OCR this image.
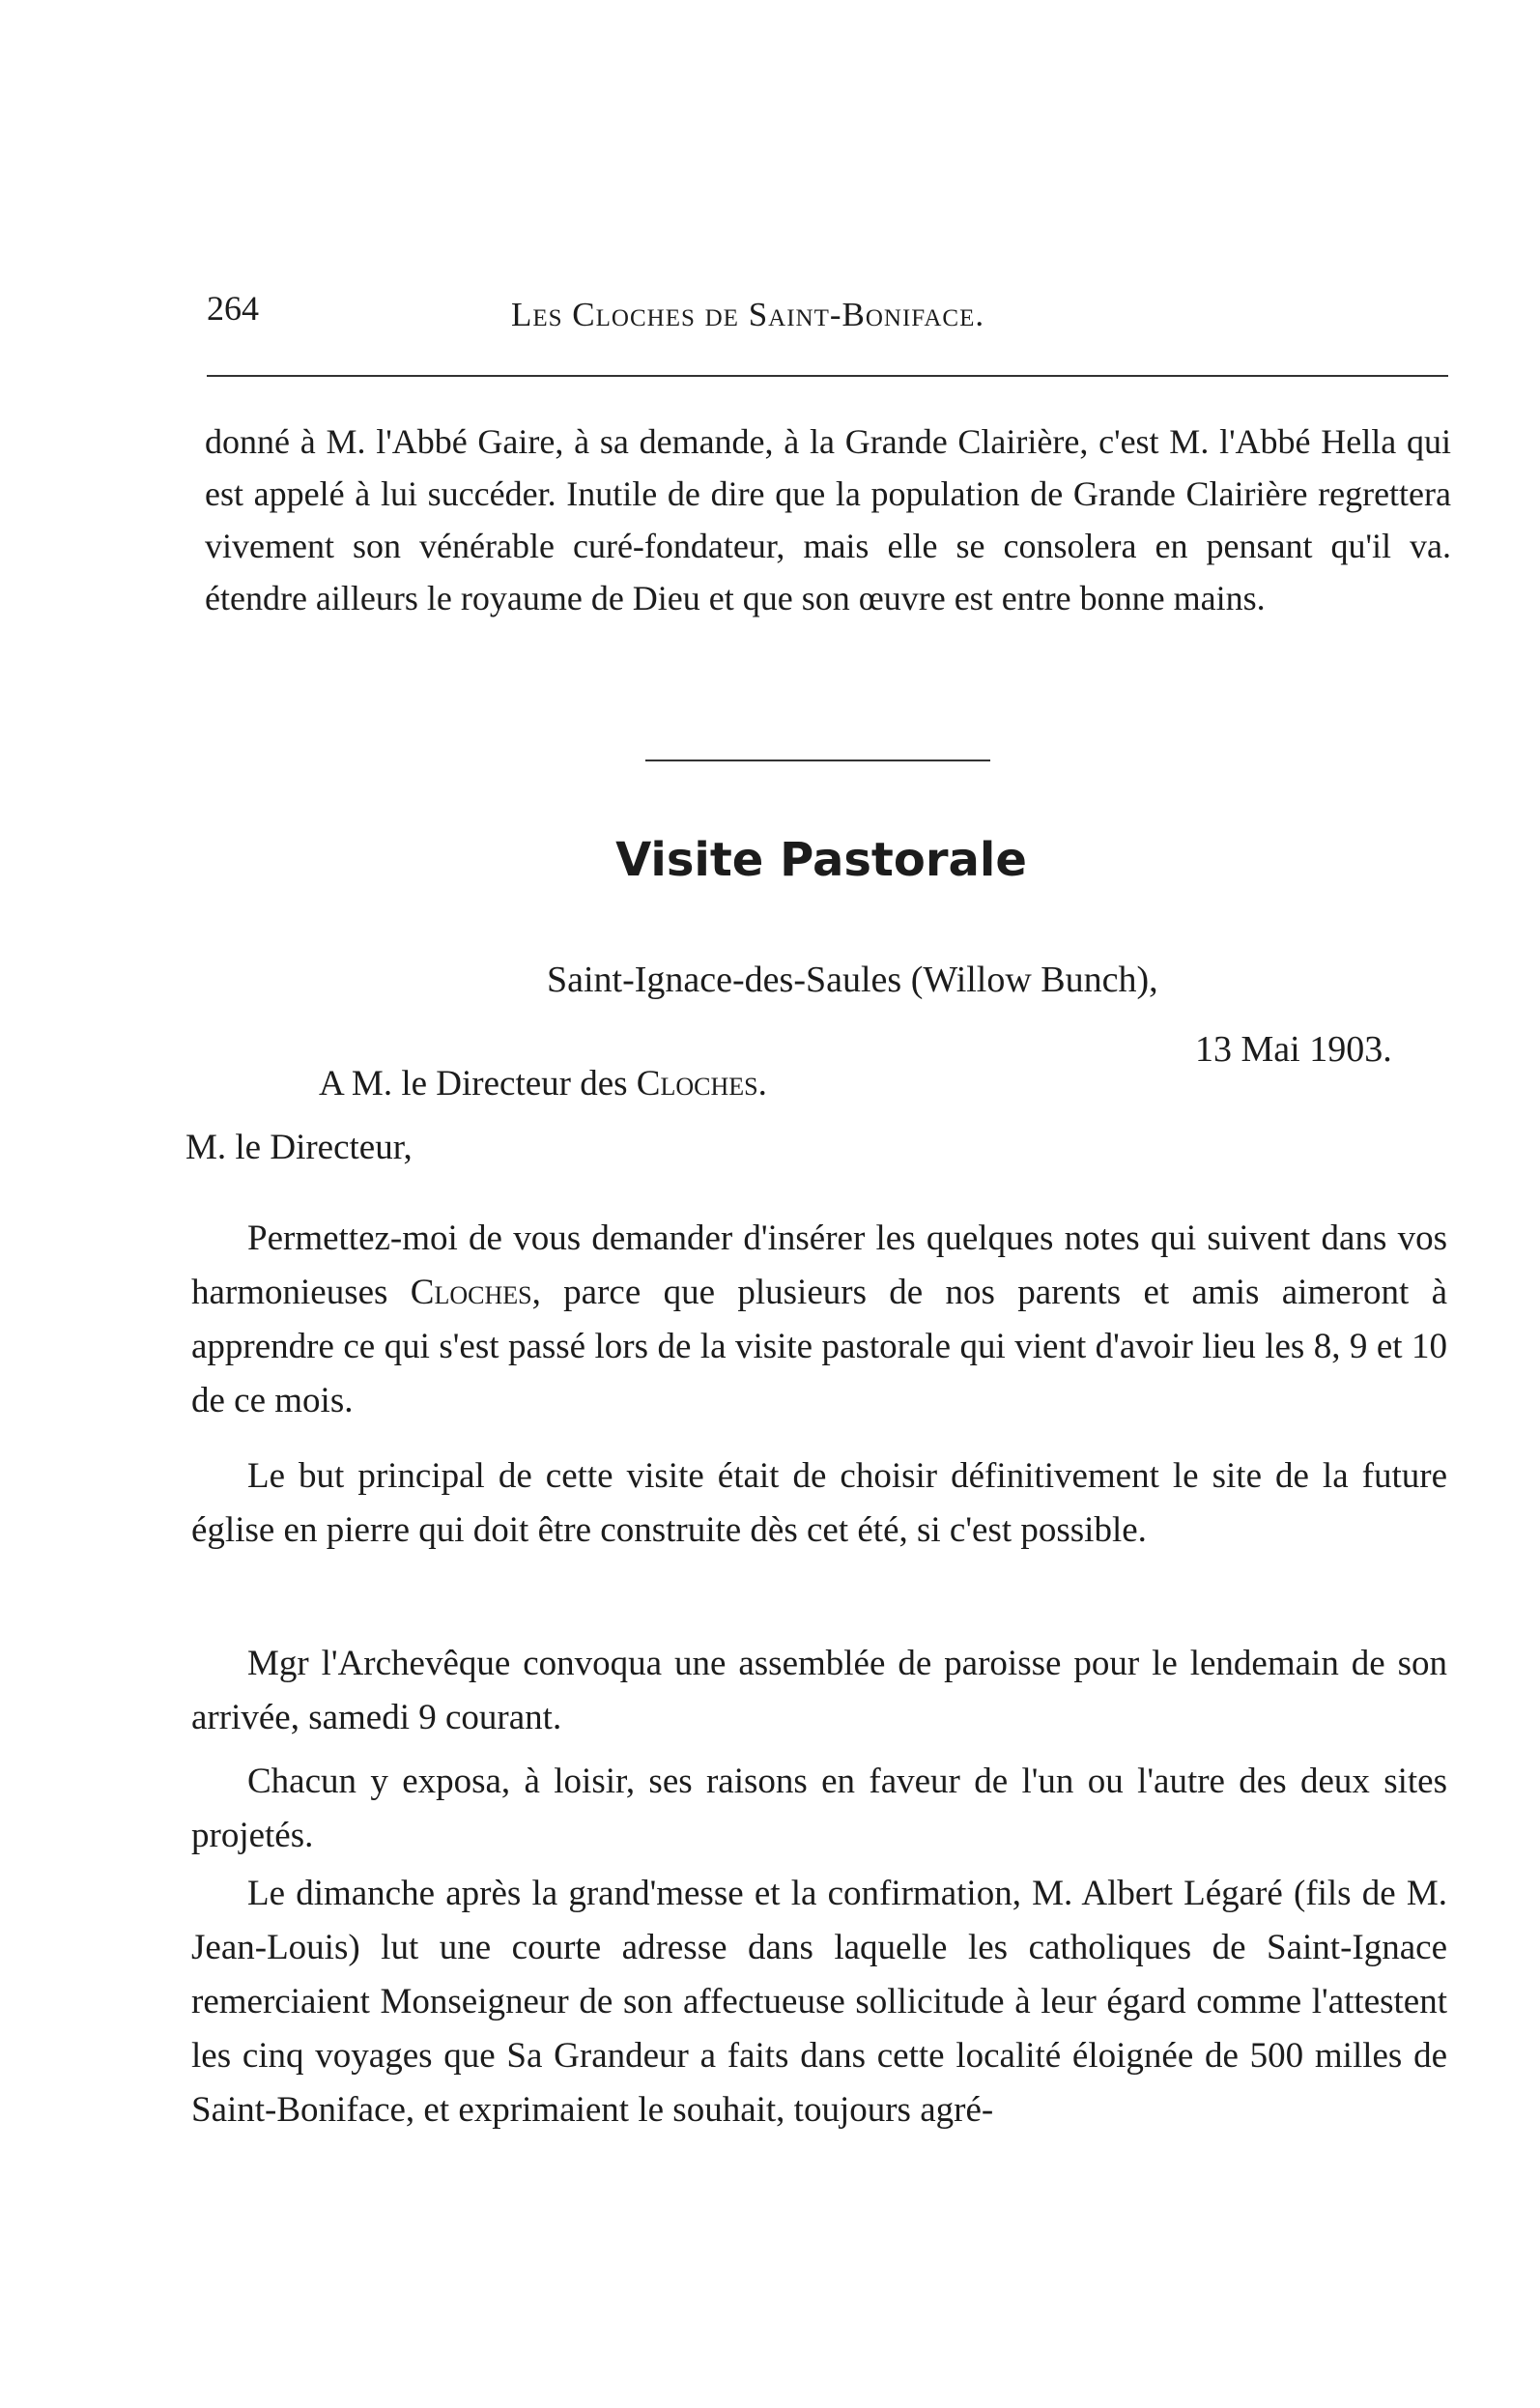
264	Les Cloches de Saint-Boniface.

donné à M. l'Abbé Gaire, à sa demande, à la Grande Clairière, c'est M. l'Abbé Hella qui est appelé à lui succéder. Inutile de dire que la population de Grande Clairière regrettera vivement son vénérable curé-fondateur, mais elle se consolera en pensant qu'il va. étendre ailleurs le royaume de Dieu et que son œuvre est entre bonne mains.

Visite Pastorale
Saint-Ignace-des-Saules (Willow Bunch),
13 Mai 1903.
A M. le Directeur des Cloches.
M. le Directeur,

Permettez-moi de vous demander d'insérer les quelques notes qui suivent dans vos harmonieuses Cloches, parce que plusieurs de nos parents et amis aimeront à apprendre ce qui s'est passé lors de la visite pastorale qui vient d'avoir lieu les 8, 9 et 10 de ce mois.

Le but principal de cette visite était de choisir définitivement le site de la future église en pierre qui doit être construite dès cet été, si c'est possible.

Mgr l'Archevêque convoqua une assemblée de paroisse pour le lendemain de son arrivée, samedi 9 courant.

Chacun y exposa, à loisir, ses raisons en faveur de l'un ou l'autre des deux sites projetés.

Le dimanche après la grand'messe et la confirmation, M. Albert Légaré (fils de M. Jean-Louis) lut une courte adresse dans laquelle les catholiques de Saint-Ignace remerciaient Monseigneur de son affectueuse sollicitude à leur égard comme l'attestent les cinq voyages que Sa Grandeur a faits dans cette localité éloignée de 500 milles de Saint-Boniface, et exprimaient le souhait, toujours agré-
